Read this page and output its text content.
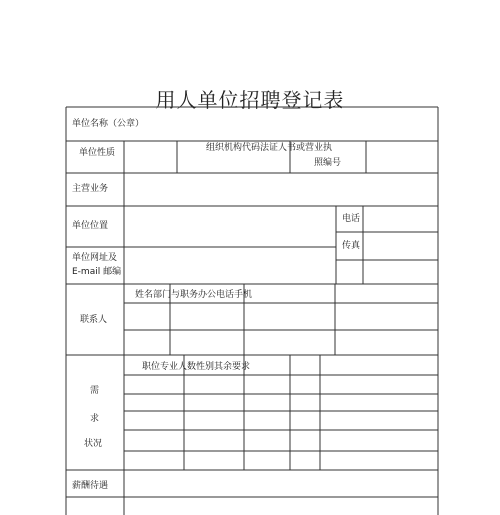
用人单位招聘登记表
单位名称（公章）
单位性质	组织机构代码法证人书或营业执
照编号
主营业务
单位位置
电话
传真
单位网址及
E-mail 邮编
姓名部门与职务办公电话手机
联系人
职位专业人数性别其余要求
需
求
状况
薪酬待遇
